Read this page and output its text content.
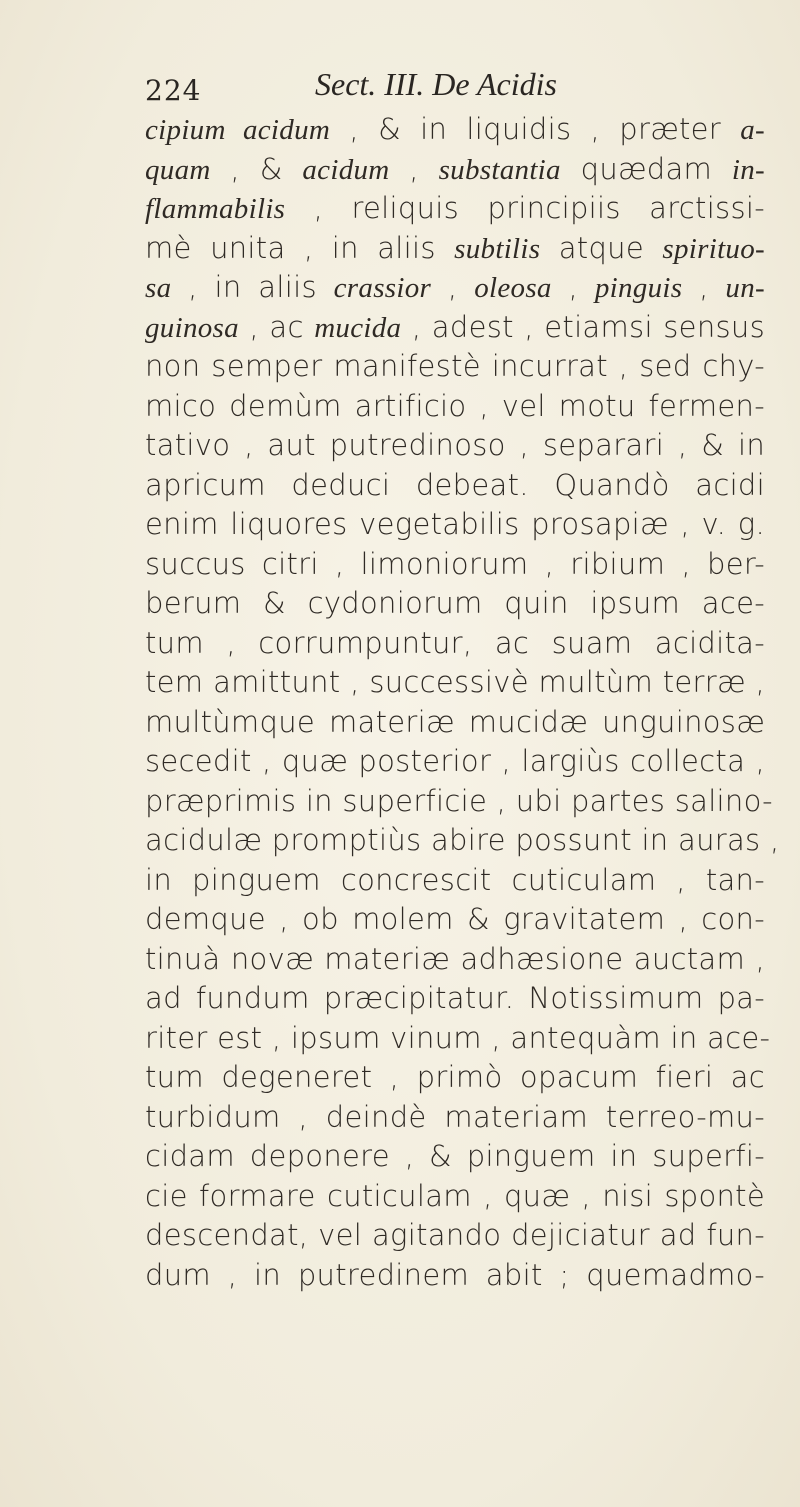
224	Sect. III. De Acidis
cipium acidum , & in liquidis , præter a-
quam , & acidum , substantia quædam in-
flammabilis , reliquis principiis arctissi-
mè unita , in aliis subtilis atque spirituo-
sa , in aliis crassior , oleosa , pinguis , un-
guinosa , ac mucida , adest , etiamsi sensus
non semper manifestè incurrat , sed chy-
mico demùm artificio , vel motu fermen-
tativo , aut putredinoso , separari , & in
apricum deduci debeat. Quandò acidi
enim liquores vegetabilis prosapiæ , v. g.
succus citri , limoniorum , ribium , ber-
berum & cydoniorum quin ipsum ace-
tum , corrumpuntur, ac suam acidita-
tem amittunt , successivè multùm terræ ,
multùmque materiæ mucidæ unguinosæ
secedit , quæ posterior , largiùs collecta ,
præprimis in superficie , ubi partes salino-
acidulæ promptiùs abire possunt in auras ,
in pinguem concrescit cuticulam , tan-
demque , ob molem & gravitatem , con-
tinuà novæ materiæ adhæsione auctam ,
ad fundum præcipitatur. Notissimum pa-
riter est , ipsum vinum , antequàm in ace-
tum degeneret , primò opacum fieri ac
turbidum , deindè materiam terreo-mu-
cidam deponere , & pinguem in superfi-
cie formare cuticulam , quæ , nisi spontè
descendat, vel agitando dejiciatur ad fun-
dum , in putredinem abit ; quemadmo-
